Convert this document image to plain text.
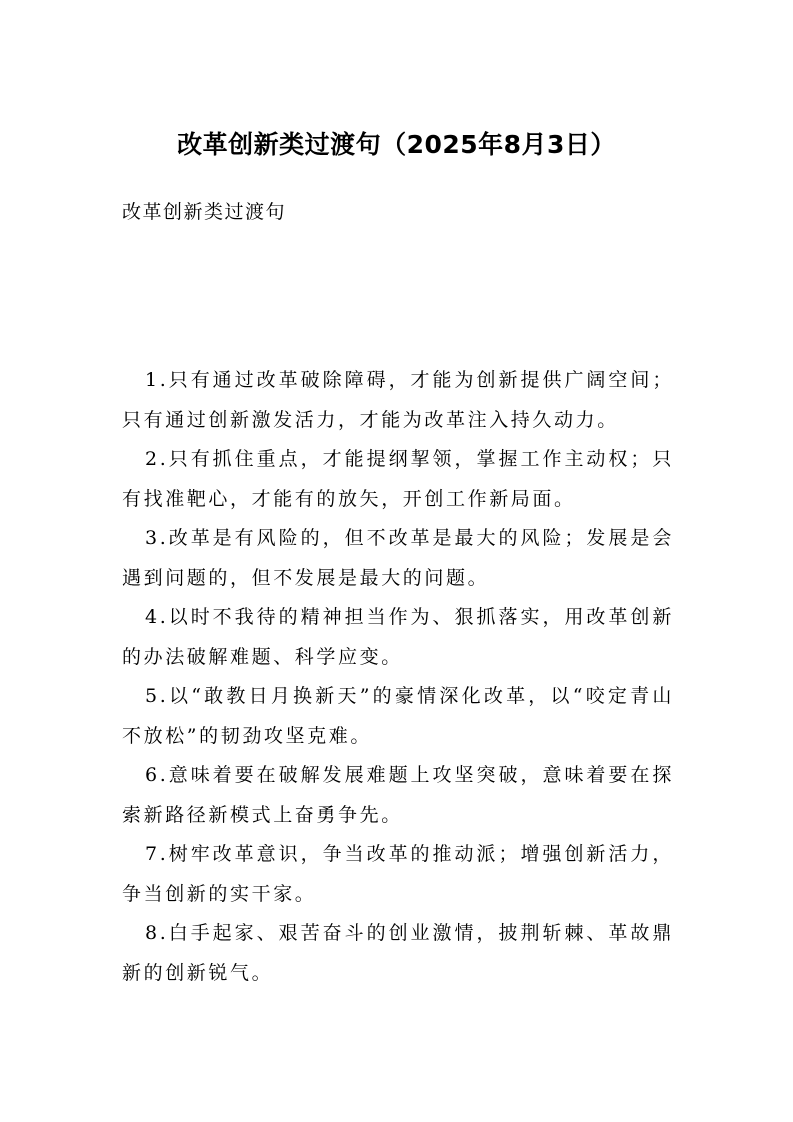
改革创新类过渡句（2025年8月3日）

改革创新类过渡句

1.只有通过改革破除障碍，才能为创新提供广阔空间；只有通过创新激发活力，才能为改革注入持久动力。

2.只有抓住重点，才能提纲挈领，掌握工作主动权；只有找准靶心，才能有的放矢，开创工作新局面。

3.改革是有风险的，但不改革是最大的风险；发展是会遇到问题的，但不发展是最大的问题。

4.以时不我待的精神担当作为、狠抓落实，用改革创新的办法破解难题、科学应变。

5.以“敢教日月换新天”的豪情深化改革，以“咬定青山不放松”的韧劲攻坚克难。

6.意味着要在破解发展难题上攻坚突破，意味着要在探索新路径新模式上奋勇争先。

7.树牢改革意识，争当改革的推动派；增强创新活力，争当创新的实干家。

8.白手起家、艰苦奋斗的创业激情，披荆斩棘、革故鼎新的创新锐气。
